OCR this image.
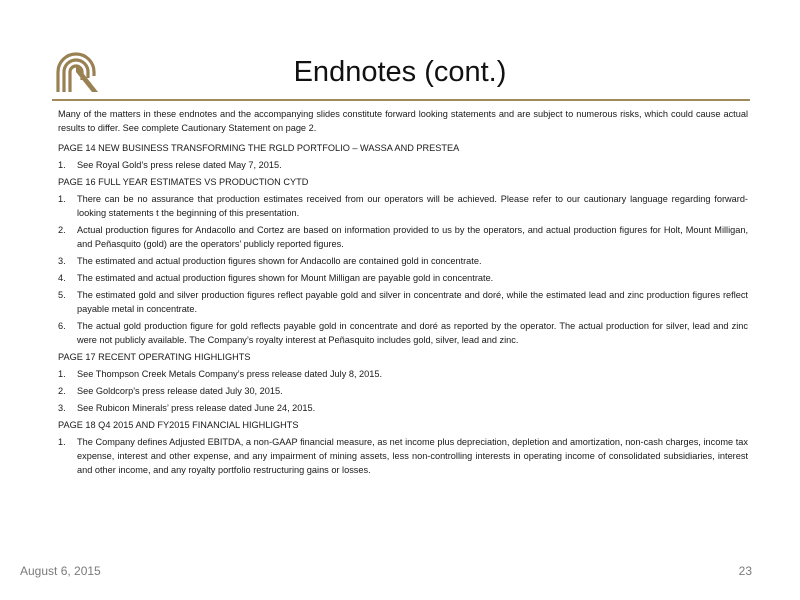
Endnotes (cont.)

Many of the matters in these endnotes and the accompanying slides constitute forward looking statements and are subject to numerous risks, which could cause actual results to differ. See complete Cautionary Statement on page 2.

PAGE 14 NEW BUSINESS TRANSFORMING THE RGLD PORTFOLIO – WASSA AND PRESTEA
1.	See Royal Gold’s press relese dated May 7, 2015.
PAGE 16 FULL YEAR ESTIMATES VS PRODUCTION CYTD
1.	There can be no assurance that production estimates received from our operators will be achieved. Please refer to our cautionary language regarding forward-looking statements t the beginning of this presentation.
2.	Actual production figures for Andacollo and Cortez are based on information provided to us by the operators, and actual production figures for Holt, Mount Milligan, and Peñasquito (gold) are the operators’ publicly reported figures.
3.	The estimated and actual production figures shown for Andacollo are contained gold in concentrate.
4.	The estimated and actual production figures shown for Mount Milligan are payable gold in concentrate.
5.	The estimated gold and silver production figures reflect payable gold and silver in concentrate and doré, while the estimated lead and zinc production figures reflect payable metal in concentrate.
6.	The actual gold production figure for gold reflects payable gold in concentrate and doré as reported by the operator. The actual production for silver, lead and zinc were not publicly available. The Company’s royalty interest at Peñasquito includes gold, silver, lead and zinc.
PAGE 17 RECENT OPERATING HIGHLIGHTS
1.	See Thompson Creek Metals Company’s press release dated July 8, 2015.
2.	See Goldcorp’s press release dated July 30, 2015.
3.	See Rubicon Minerals’ press release dated June 24, 2015.
PAGE 18 Q4 2015 AND FY2015 FINANCIAL HIGHLIGHTS
1.	The Company defines Adjusted EBITDA, a non-GAAP financial measure, as net income plus depreciation, depletion and amortization, non-cash charges, income tax expense, interest and other expense, and any impairment of mining assets, less non-controlling interests in operating income of consolidated subsidiaries, interest and other income, and any royalty portfolio restructuring gains or losses.
August 6, 2015	23
